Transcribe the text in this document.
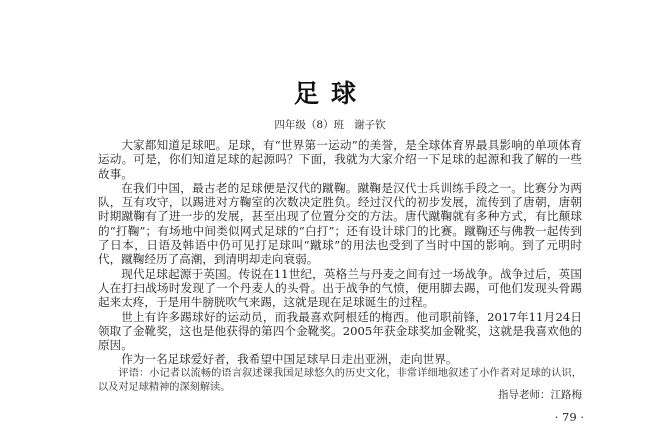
足球
四年级（8）班 谢子钦

大家都知道足球吧。足球，有“世界第一运动”的美誉，是全球体育界最具影响的单项体育运动。可是，你们知道足球的起源吗？下面，我就为大家介绍一下足球的起源和我了解的一些故事。

在我们中国，最古老的足球便是汉代的蹴鞠。蹴鞠是汉代士兵训练手段之一。比赛分为两队，互有攻守，以踢进对方鞠室的次数决定胜负。经过汉代的初步发展，流传到了唐朝，唐朝时期蹴鞠有了进一步的发展，甚至出现了位置分交的方法。唐代蹴鞠就有多种方式，有比颠球的“打鞠”；有场地中间类似网式足球的“白打”；还有设计球门的比赛。蹴鞠还与佛教一起传到了日本，日语及韩语中仍可见打足球叫“蹴球”的用法也受到了当时中国的影响。到了元明时代，蹴鞠经历了高潮，到清明却走向衰弱。

现代足球起源于英国。传说在11世纪，英格兰与丹麦之间有过一场战争。战争过后，英国人在打扫战场时发现了一个丹麦人的头骨。出于战争的气愤，便用脚去踢，可他们发现头骨踢起来太疼，于是用牛膀胱吹气来踢，这就是现在足球诞生的过程。

世上有许多踢球好的运动员，而我最喜欢阿根廷的梅西。他司职前锋，2017年11月24日领取了金靴奖，这也是他获得的第四个金靴奖。2005年获金球奖加金靴奖，这就是我喜欢他的原因。

作为一名足球爱好者，我希望中国足球早日走出亚洲，走向世界。

评语：小记者以流畅的语言叙述课我国足球悠久的历史文化，非常详细地叙述了小作者对足球的认识，以及对足球精神的深刻解读。

指导老师：江路梅
· 79 ·
